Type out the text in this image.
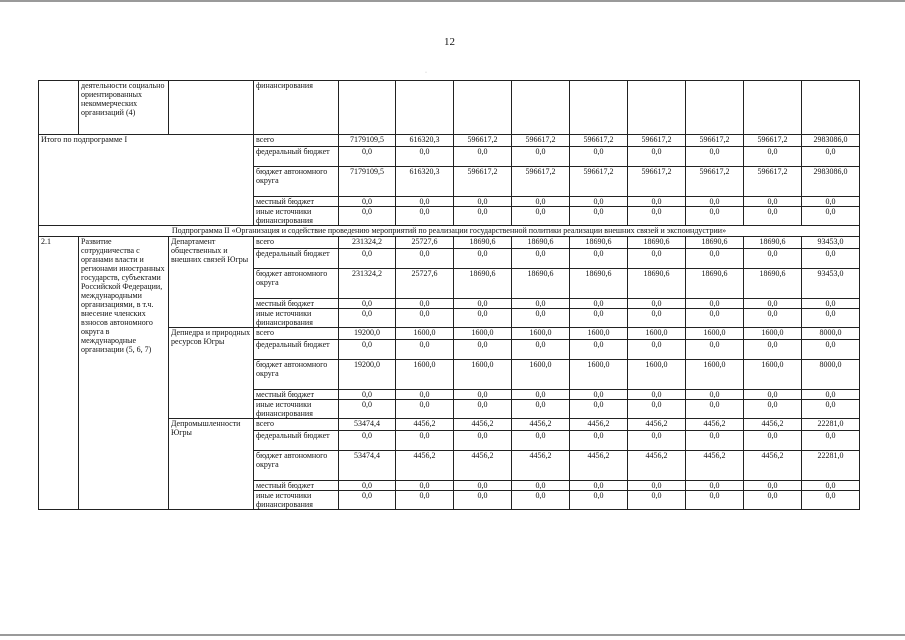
12
·
	деятельности социально ориентированных некоммерческих организаций (4)		финансирования									
Итого по подпрограмме I			всего	7179109,5	616320,3	596617,2	596617,2	596617,2	596617,2	596617,2	596617,2	2983086,0
			федеральный бюджет	0,0	0,0	0,0	0,0	0,0	0,0	0,0	0,0	0,0
			бюджет автономного округа	7179109,5	616320,3	596617,2	596617,2	596617,2	596617,2	596617,2	596617,2	2983086,0
			местный бюджет	0,0	0,0	0,0	0,0	0,0	0,0	0,0	0,0	0,0
			иные источники финансирования	0,0	0,0	0,0	0,0	0,0	0,0	0,0	0,0	0,0
Подпрограмма II «Организация и содействие проведению мероприятий по реализации государственной политики реализации внешних связей и экспоиндустрии»												
2.1	Развитие сотрудничества с органами власти и регионами иностранных государств, субъектами Российской Федерации, международными организациями, в т.ч. внесение членских взносов автономного округа в международные организации (5, 6, 7)	Департамент общественных и внешних связей Югры	всего	231324,2	25727,6	18690,6	18690,6	18690,6	18690,6	18690,6	18690,6	93453,0
			федеральный бюджет	0,0	0,0	0,0	0,0	0,0	0,0	0,0	0,0	0,0
			бюджет автономного округа	231324,2	25727,6	18690,6	18690,6	18690,6	18690,6	18690,6	18690,6	93453,0
			местный бюджет	0,0	0,0	0,0	0,0	0,0	0,0	0,0	0,0	0,0
			иные источники финансирования	0,0	0,0	0,0	0,0	0,0	0,0	0,0	0,0	0,0
		Депнедра и природных ресурсов Югры	всего	19200,0	1600,0	1600,0	1600,0	1600,0	1600,0	1600,0	1600,0	8000,0
			федеральный бюджет	0,0	0,0	0,0	0,0	0,0	0,0	0,0	0,0	0,0
			бюджет автономного округа	19200,0	1600,0	1600,0	1600,0	1600,0	1600,0	1600,0	1600,0	8000,0
			местный бюджет	0,0	0,0	0,0	0,0	0,0	0,0	0,0	0,0	0,0
			иные источники финансирования	0,0	0,0	0,0	0,0	0,0	0,0	0,0	0,0	0,0
		Депромышленности Югры	всего	53474,4	4456,2	4456,2	4456,2	4456,2	4456,2	4456,2	4456,2	22281,0
			федеральный бюджет	0,0	0,0	0,0	0,0	0,0	0,0	0,0	0,0	0,0
			бюджет автономного округа	53474,4	4456,2	4456,2	4456,2	4456,2	4456,2	4456,2	4456,2	22281,0
			местный бюджет	0,0	0,0	0,0	0,0	0,0	0,0	0,0	0,0	0,0
			иные источники финансирования	0,0	0,0	0,0	0,0	0,0	0,0	0,0	0,0	0,0
